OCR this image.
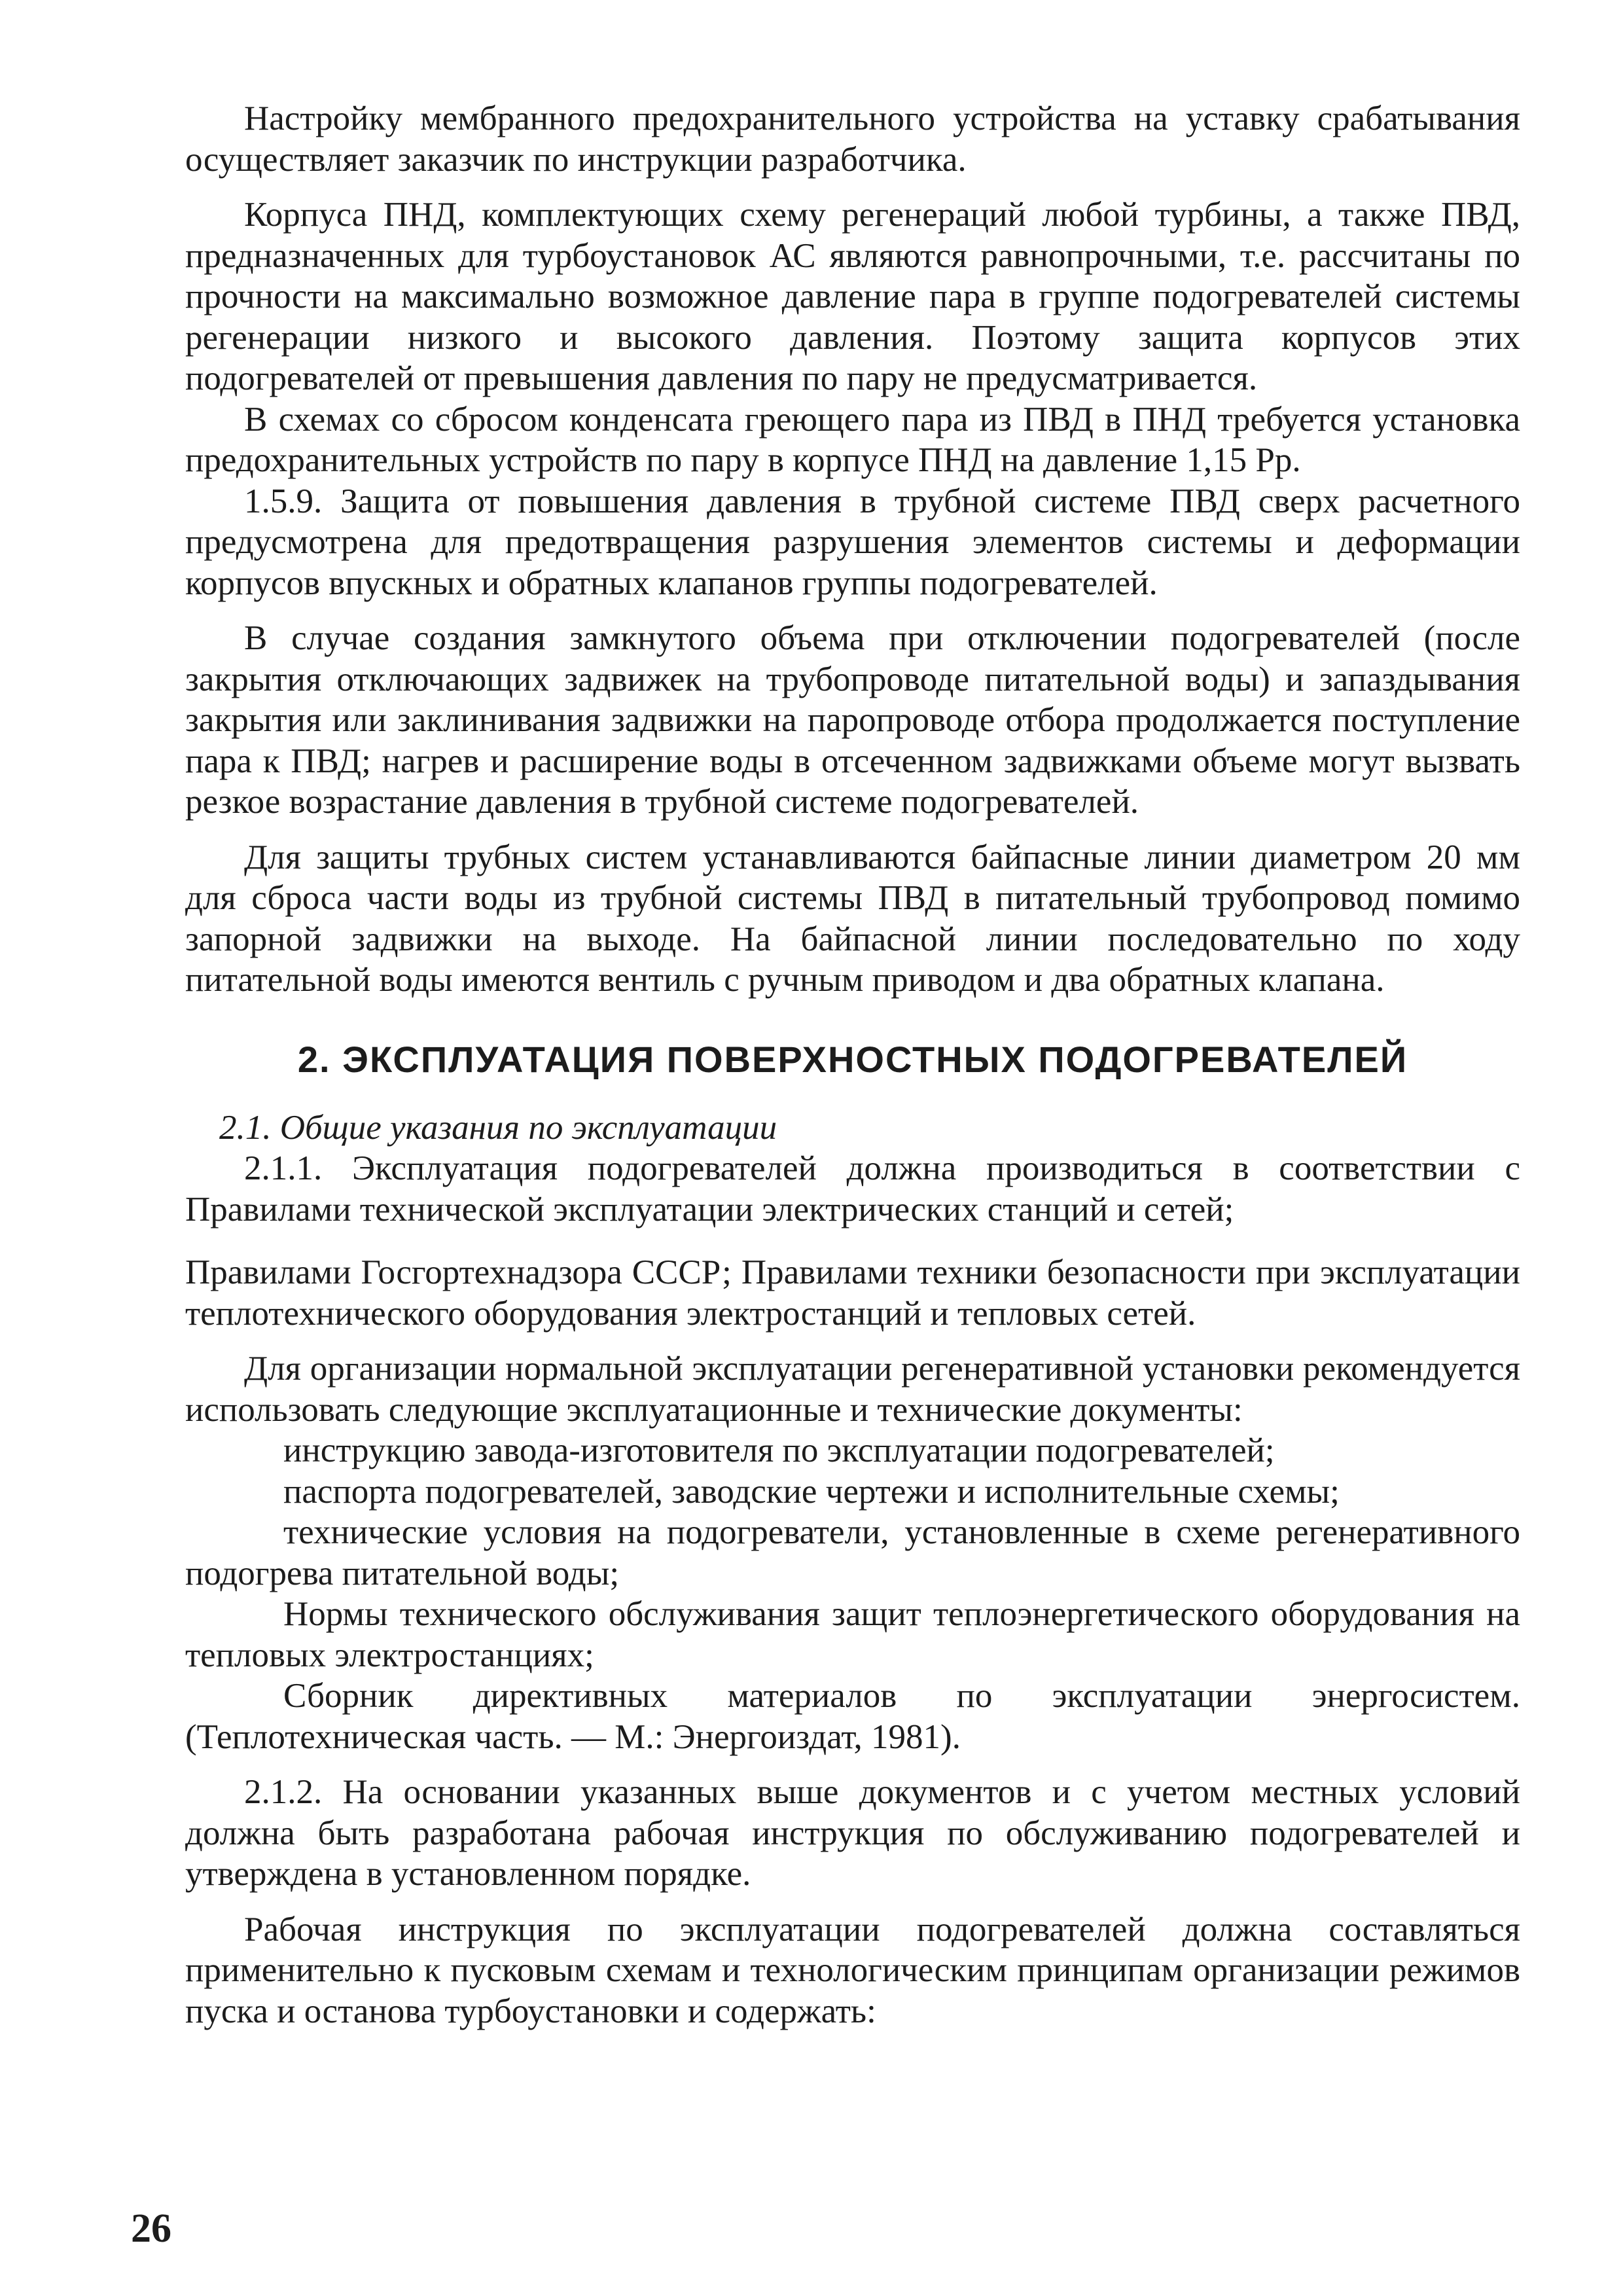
Настройку мембранного предохранительного устройства на уставку срабатывания осуществляет заказчик по инструкции разработчика.

Корпуса ПНД, комплектующих схему регенераций любой турбины, а также ПВД, предназначенных для турбоустановок АС являются равнопрочными, т.е. рассчитаны по прочности на максимально возможное давление пара в группе подогревателей системы регенерации низкого и высокого давления. Поэтому защита корпусов этих подогревателей от превышения давления по пару не предусматривается.

В схемах со сбросом конденсата греющего пара из ПВД в ПНД требуется установка предохранительных устройств по пару в корпусе ПНД на давление 1,15 Рр.

1.5.9. Защита от повышения давления в трубной системе ПВД сверх расчетного предусмотрена для предотвращения разрушения элементов системы и деформации корпусов впускных и обратных клапанов группы подогревателей.

В случае создания замкнутого объема при отключении подогревателей (после закрытия отключающих задвижек на трубопроводе питательной воды) и запаздывания закрытия или заклинивания задвижки на паропроводе отбора продолжается поступление пара к ПВД; нагрев и расширение воды в отсеченном задвижками объеме могут вызвать резкое возрастание давления в трубной системе подогревателей.

Для защиты трубных систем устанавливаются байпасные линии диаметром 20 мм для сброса части воды из трубной системы ПВД в питательный трубопровод помимо запорной задвижки на выходе. На байпасной линии последовательно по ходу питательной воды имеются вентиль с ручным приводом и два обратных клапана.

2. ЭКСПЛУАТАЦИЯ ПОВЕРХНОСТНЫХ ПОДОГРЕВАТЕЛЕЙ

2.1. Общие указания по эксплуатации

2.1.1. Эксплуатация подогревателей должна производиться в соответствии с Правилами технической эксплуатации электрических станций и сетей;

Правилами Госгортехнадзора СССР; Правилами техники безопасности при эксплуатации теплотехнического оборудования электростанций и тепловых сетей.

Для организации нормальной эксплуатации регенеративной установки рекомендуется использовать следующие эксплуатационные и технические документы:

инструкцию завода-изготовителя по эксплуатации подогревателей;

паспорта подогревателей, заводские чертежи и исполнительные схемы;

технические условия на подогреватели, установленные в схеме регенеративного подогрева питательной воды;

Нормы технического обслуживания защит теплоэнергетического оборудования на тепловых электростанциях;

Сборник директивных материалов по эксплуатации энергосистем. (Теплотехническая часть. — М.: Энергоиздат, 1981).

2.1.2. На основании указанных выше документов и с учетом местных условий должна быть разработана рабочая инструкция по обслуживанию подогревателей и утверждена в установленном порядке.

Рабочая инструкция по эксплуатации подогревателей должна составляться применительно к пусковым схемам и технологическим принципам организации режимов пуска и останова турбоустановки и содержать:

26
